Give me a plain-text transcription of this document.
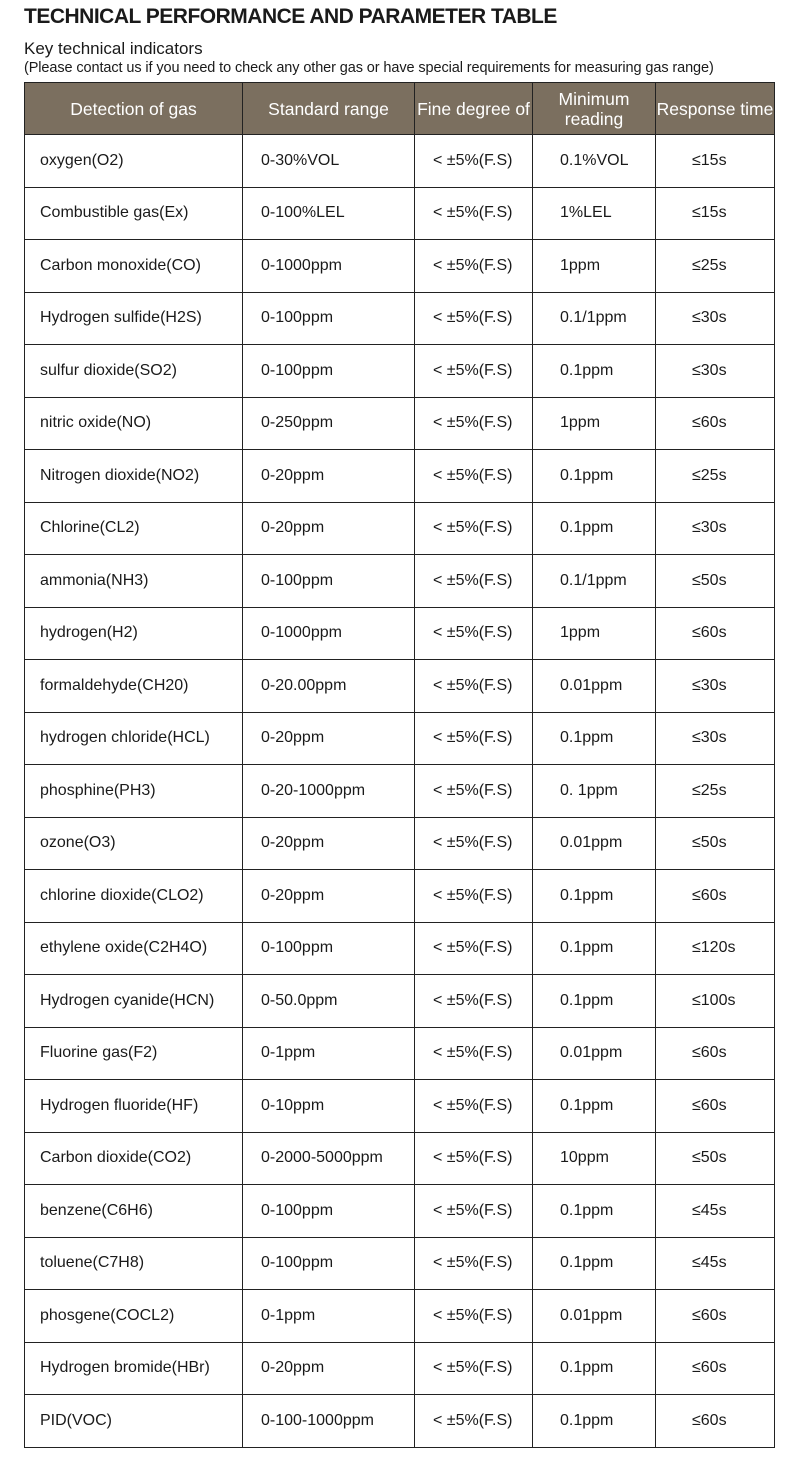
TECHNICAL PERFORMANCE AND PARAMETER TABLE
Key technical indicators
(Please contact us if you need to check any other gas or have special requirements for measuring gas range)
Detection of gas	Standard range	Fine degree of	Minimum reading	Response time
oxygen(O2)	0-30%VOL	< ±5%(F.S)	0.1%VOL	≤15s
Combustible gas(Ex)	0-100%LEL	< ±5%(F.S)	1%LEL	≤15s
Carbon monoxide(CO)	0-1000ppm	< ±5%(F.S)	1ppm	≤25s
Hydrogen sulfide(H2S)	0-100ppm	< ±5%(F.S)	0.1/1ppm	≤30s
sulfur dioxide(SO2)	0-100ppm	< ±5%(F.S)	0.1ppm	≤30s
nitric oxide(NO)	0-250ppm	< ±5%(F.S)	1ppm	≤60s
Nitrogen dioxide(NO2)	0-20ppm	< ±5%(F.S)	0.1ppm	≤25s
Chlorine(CL2)	0-20ppm	< ±5%(F.S)	0.1ppm	≤30s
ammonia(NH3)	0-100ppm	< ±5%(F.S)	0.1/1ppm	≤50s
hydrogen(H2)	0-1000ppm	< ±5%(F.S)	1ppm	≤60s
formaldehyde(CH20)	0-20.00ppm	< ±5%(F.S)	0.01ppm	≤30s
hydrogen chloride(HCL)	0-20ppm	< ±5%(F.S)	0.1ppm	≤30s
phosphine(PH3)	0-20-1000ppm	< ±5%(F.S)	0. 1ppm	≤25s
ozone(O3)	0-20ppm	< ±5%(F.S)	0.01ppm	≤50s
chlorine dioxide(CLO2)	0-20ppm	< ±5%(F.S)	0.1ppm	≤60s
ethylene oxide(C2H4O)	0-100ppm	< ±5%(F.S)	0.1ppm	≤120s
Hydrogen cyanide(HCN)	0-50.0ppm	< ±5%(F.S)	0.1ppm	≤100s
Fluorine gas(F2)	0-1ppm	< ±5%(F.S)	0.01ppm	≤60s
Hydrogen fluoride(HF)	0-10ppm	< ±5%(F.S)	0.1ppm	≤60s
Carbon dioxide(CO2)	0-2000-5000ppm	< ±5%(F.S)	10ppm	≤50s
benzene(C6H6)	0-100ppm	< ±5%(F.S)	0.1ppm	≤45s
toluene(C7H8)	0-100ppm	< ±5%(F.S)	0.1ppm	≤45s
phosgene(COCL2)	0-1ppm	< ±5%(F.S)	0.01ppm	≤60s
Hydrogen bromide(HBr)	0-20ppm	< ±5%(F.S)	0.1ppm	≤60s
PID(VOC)	0-100-1000ppm	< ±5%(F.S)	0.1ppm	≤60s
